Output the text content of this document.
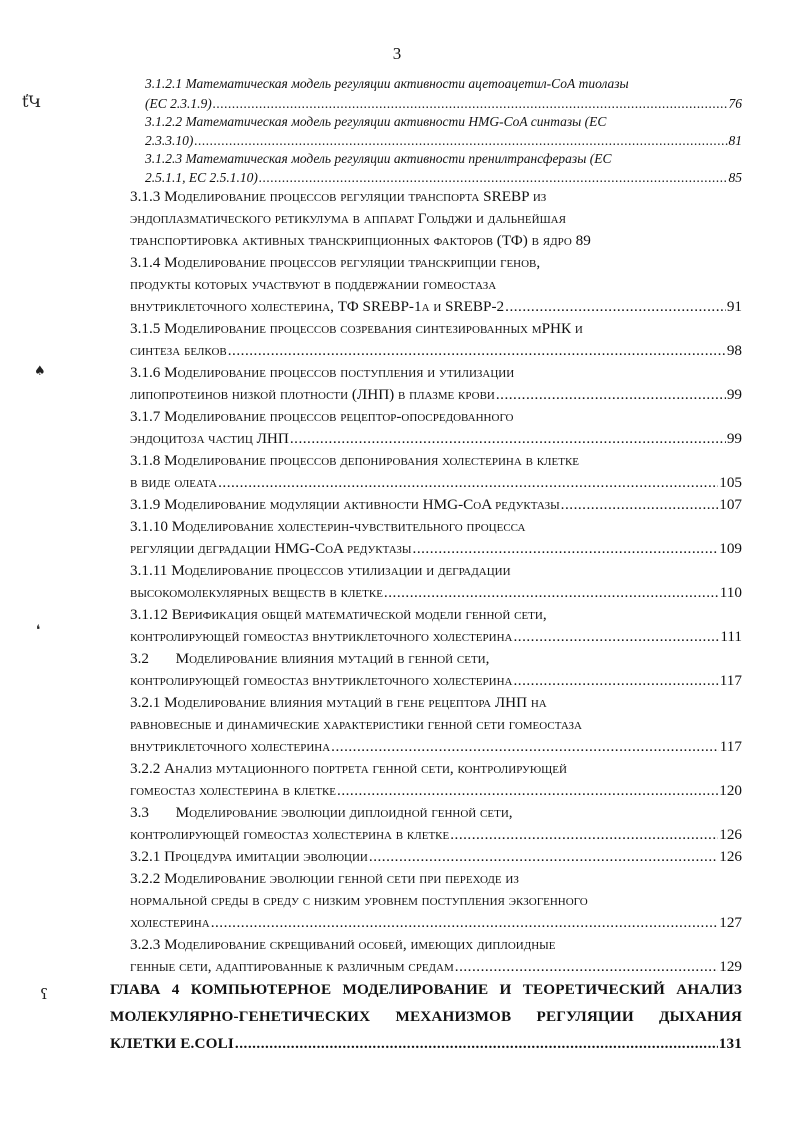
3
ťԿ
♠
❛
ʕ
3.1.2.1 Математическая модель регуляции активности ацетоацетил-СоА тиолазы
(EC 2.3.1.9) .....	76
3.1.2.2 Математическая модель регуляции активности HMG-CoA синтазы (EC
2.3.3.10) .....	81
3.1.2.3 Математическая модель регуляции активности пренилтрансферазы (EC
2.5.1.1, EC 2.5.1.10) .....	85
3.1.3 Моделирование процессов регуляции транспорта SREBP из
эндоплазматического ретикулума в аппарат Гольджи и дальнейшая
транспортировка активных транскрипционных факторов (ТФ) в ядро 89
3.1.4 Моделирование процессов регуляции транскрипции генов,
продукты которых участвуют в поддержании гомеостаза
внутриклеточного холестерина, ТФ SREBP-1а и SREBP-2 .....	91
3.1.5 Моделирование процессов созревания синтезированных мРНК и
синтеза белков .....	98
3.1.6 Моделирование процессов поступления и утилизации
липопротеинов низкой плотности (ЛНП) в плазме крови .....	99
3.1.7 Моделирование процессов рецептор-опосредованного
эндоцитоза частиц ЛНП .....	99
3.1.8 Моделирование процессов депонирования холестерина в клетке
в виде олеата .....	105
3.1.9 Моделирование модуляции активности HMG-CoA редуктазы .....	107
3.1.10 Моделирование холестерин-чувствительного процесса
регуляции деградации HMG-CoA редуктазы .....	109
3.1.11 Моделирование процессов утилизации и деградации
высокомолекулярных веществ в клетке .....	110
3.1.12 Верификация общей математической модели генной сети,
контролирующей гомеостаз внутриклеточного холестерина .....	111
3.2       Моделирование влияния мутаций в генной сети,
контролирующей гомеостаз внутриклеточного холестерина .....	117
3.2.1 Моделирование влияния мутаций в гене рецептора ЛНП на
равновесные и динамические характеристики генной сети гомеостаза
внутриклеточного холестерина .....	117
3.2.2 Анализ мутационного портрета генной сети, контролирующей
гомеостаз холестерина в клетке .....	120
3.3       Моделирование эволюции диплоидной генной сети,
контролирующей гомеостаз холестерина в клетке .....	126
3.2.1 Процедура имитации эволюции .....	126
3.2.2 Моделирование эволюции генной сети при переходе из
нормальной среды в среду с низким уровнем поступления экзогенного
холестерина .....	127
3.2.3 Моделирование скрещиваний особей, имеющих диплоидные
генные сети, адаптированные к различным средам .....	129
ГЛАВА 4 КОМПЬЮТЕРНОЕ МОДЕЛИРОВАНИЕ И ТЕОРЕТИЧЕСКИЙ АНАЛИЗ
МОЛЕКУЛЯРНО-ГЕНЕТИЧЕСКИХ МЕХАНИЗМОВ РЕГУЛЯЦИИ ДЫХАНИЯ
КЛЕТКИ E.COLI .....	131
